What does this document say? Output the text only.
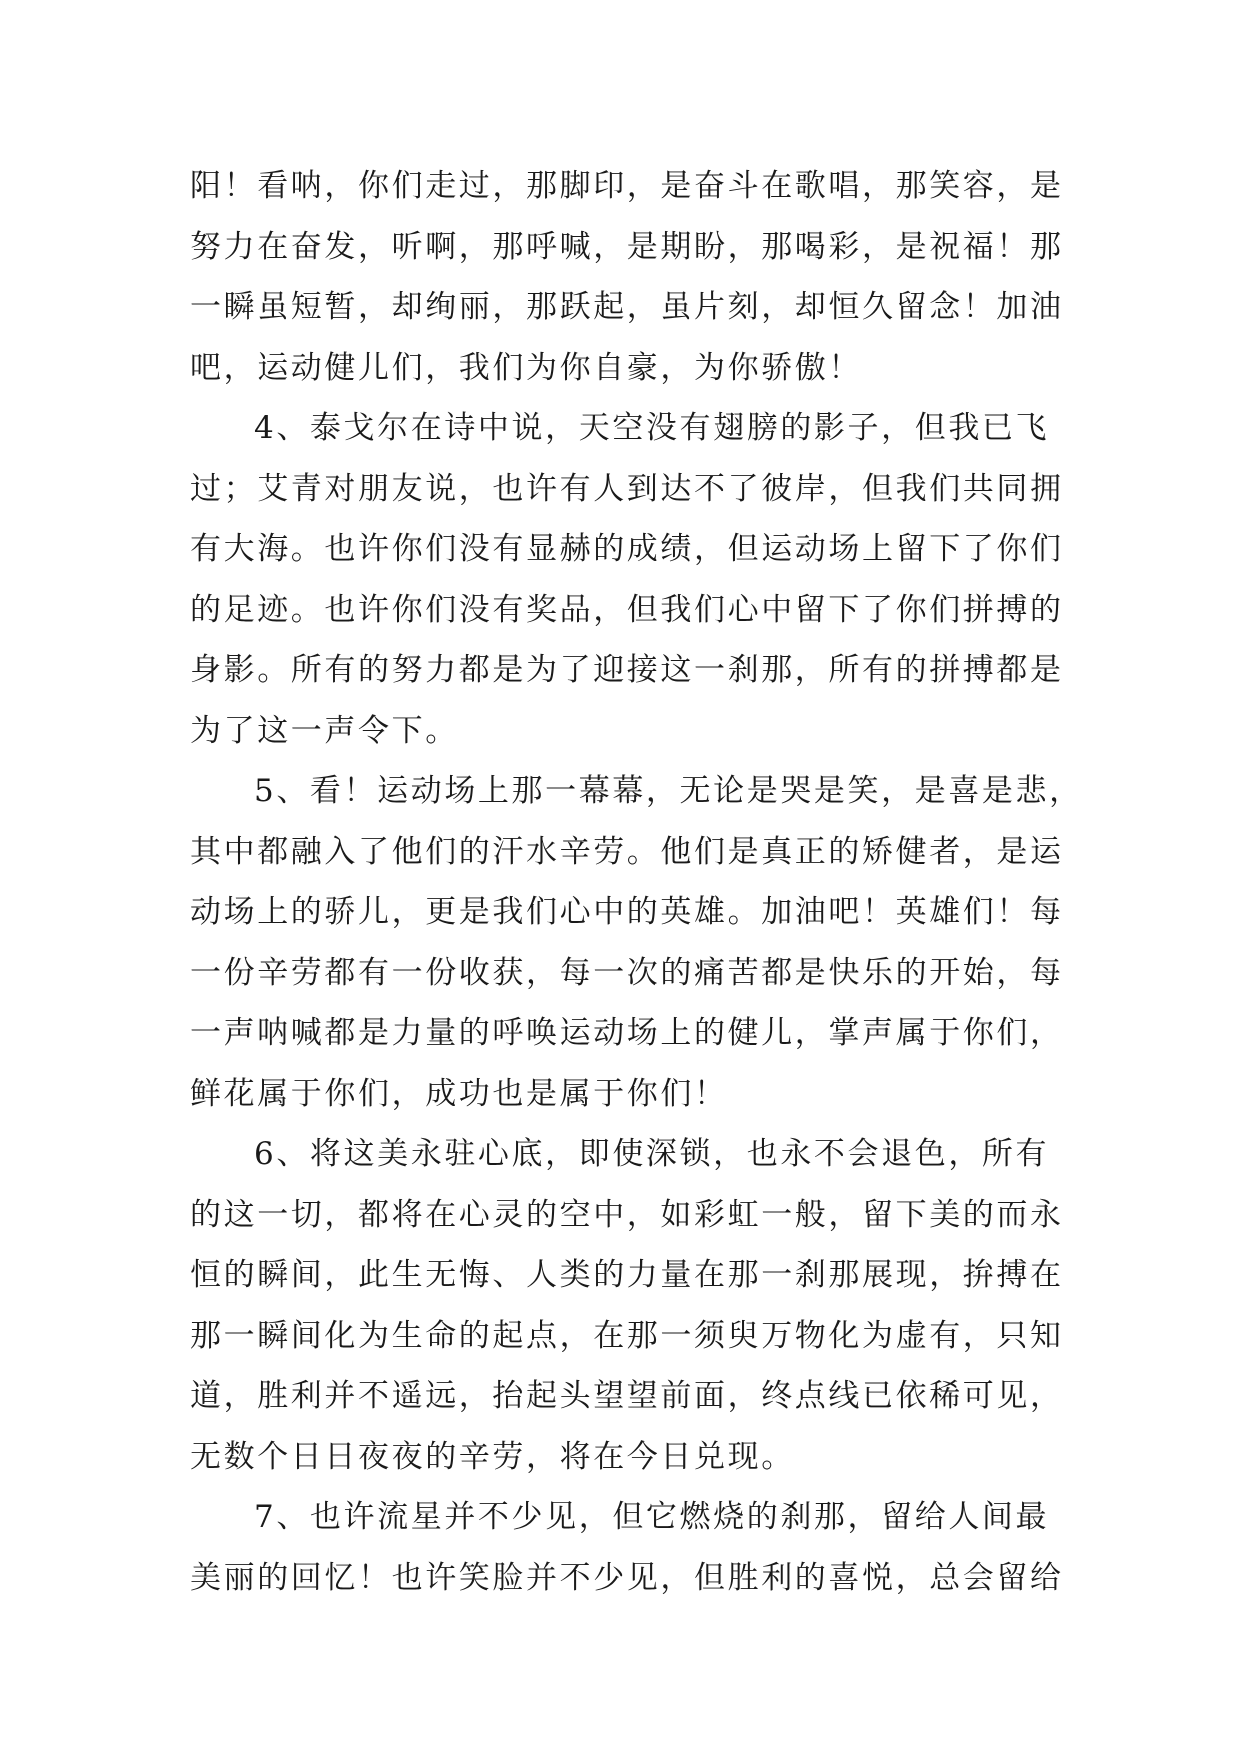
阳！看呐，你们走过，那脚印，是奋斗在歌唱，那笑容，是
努力在奋发，听啊，那呼喊，是期盼，那喝彩，是祝福！那
一瞬虽短暂，却绚丽，那跃起，虽片刻，却恒久留念！加油
吧，运动健儿们，我们为你自豪，为你骄傲！
4、泰戈尔在诗中说，天空没有翅膀的影子，但我已飞
过；艾青对朋友说，也许有人到达不了彼岸，但我们共同拥
有大海。也许你们没有显赫的成绩，但运动场上留下了你们
的足迹。也许你们没有奖品，但我们心中留下了你们拼搏的
身影。所有的努力都是为了迎接这一刹那，所有的拼搏都是
为了这一声令下。
5、看！运动场上那一幕幕，无论是哭是笑，是喜是悲，
其中都融入了他们的汗水辛劳。他们是真正的矫健者，是运
动场上的骄儿，更是我们心中的英雄。加油吧！英雄们！每
一份辛劳都有一份收获，每一次的痛苦都是快乐的开始，每
一声呐喊都是力量的呼唤运动场上的健儿，掌声属于你们，
鲜花属于你们，成功也是属于你们！
6、将这美永驻心底，即使深锁，也永不会退色，所有
的这一切，都将在心灵的空中，如彩虹一般，留下美的而永
恒的瞬间，此生无悔、人类的力量在那一刹那展现，拚搏在
那一瞬间化为生命的起点，在那一须臾万物化为虚有，只知
道，胜利并不遥远，抬起头望望前面，终点线已依稀可见，
无数个日日夜夜的辛劳，将在今日兑现。
7、也许流星并不少见，但它燃烧的刹那，留给人间最
美丽的回忆！也许笑脸并不少见，但胜利的喜悦，总会留给
